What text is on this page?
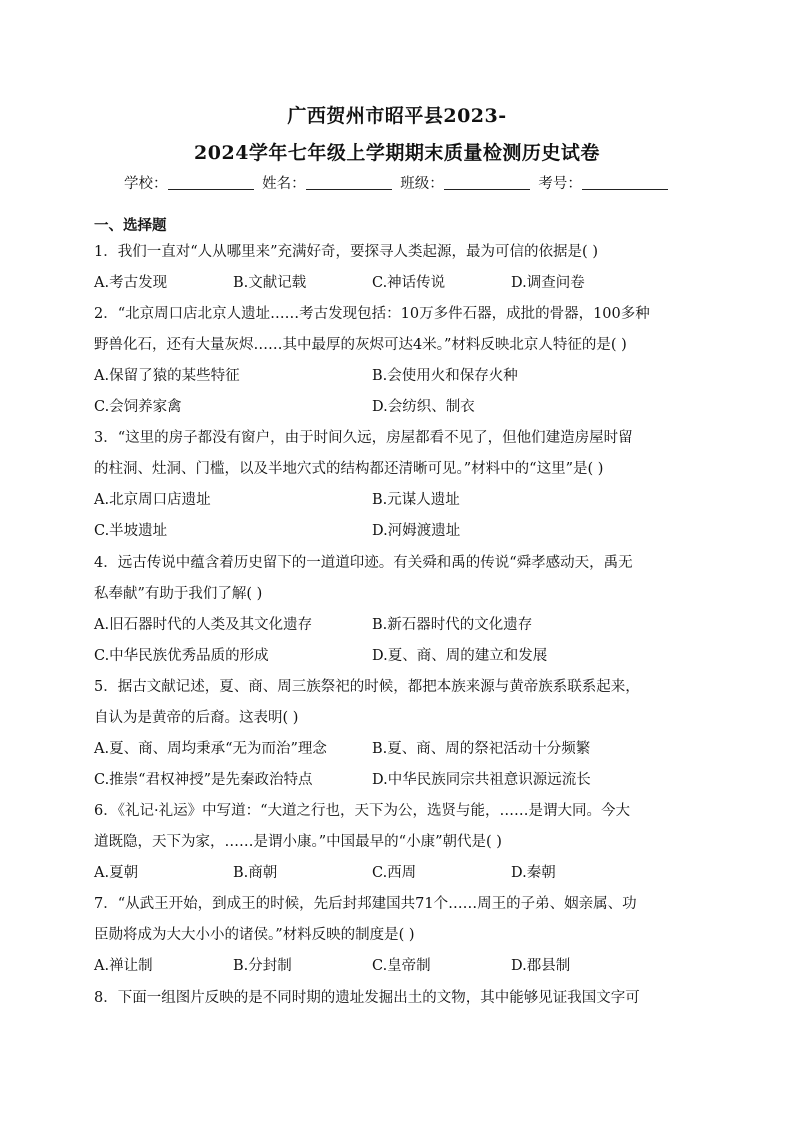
广西贺州市昭平县2023-
2024学年七年级上学期期末质量检测历史试卷
学校：	姓名：	班级：	考号：
一、选择题
1．我们一直对“人从哪里来”充满好奇，要探寻人类起源，最为可信的依据是( )
A.考古发现	B.文献记载	C.神话传说	D.调查问卷
2．“北京周口店北京人遗址……考古发现包括：10万多件石器，成批的骨器，100多种
野兽化石，还有大量灰烬……其中最厚的灰烬可达4米。”材料反映北京人特征的是( )
A.保留了猿的某些特征	B.会使用火和保存火种
C.会饲养家禽	D.会纺织、制衣
3．“这里的房子都没有窗户，由于时间久远，房屋都看不见了，但他们建造房屋时留
的柱洞、灶洞、门槛，以及半地穴式的结构都还清晰可见。”材料中的“这里”是( )
A.北京周口店遗址	B.元谋人遗址
C.半坡遗址	D.河姆渡遗址
4．远古传说中蕴含着历史留下的一道道印迹。有关舜和禹的传说“舜孝感动天，禹无
私奉献”有助于我们了解( )
A.旧石器时代的人类及其文化遗存	B.新石器时代的文化遗存
C.中华民族优秀品质的形成	D.夏、商、周的建立和发展
5．据古文献记述，夏、商、周三族祭祀的时候，都把本族来源与黄帝族系联系起来，
自认为是黄帝的后裔。这表明( )
A.夏、商、周均秉承“无为而治”理念	B.夏、商、周的祭祀活动十分频繁
C.推崇“君权神授”是先秦政治特点	D.中华民族同宗共祖意识源远流长
6．《礼记·礼运》中写道：“大道之行也，天下为公，选贤与能，……是谓大同。今大
道既隐，天下为家，……是谓小康。”中国最早的“小康”朝代是( )
A.夏朝	B.商朝	C.西周	D.秦朝
7．“从武王开始，到成王的时候，先后封邦建国共71个……周王的子弟、姻亲属、功
臣勋将成为大大小小的诸侯。”材料反映的制度是( )
A.禅让制	B.分封制	C.皇帝制	D.郡县制
8．下面一组图片反映的是不同时期的遗址发掘出土的文物，其中能够见证我国文字可
